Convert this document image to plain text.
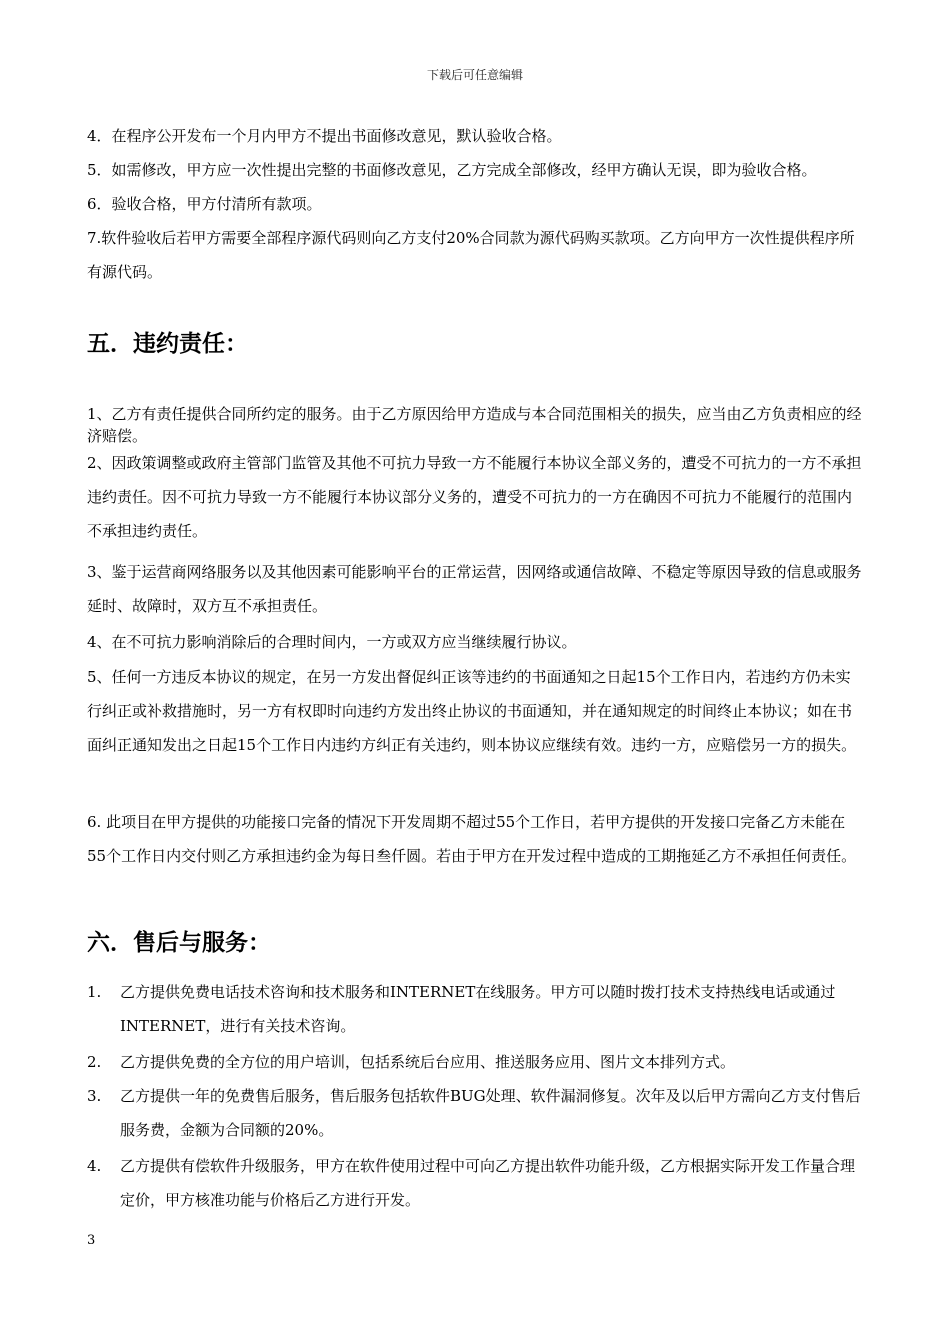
下载后可任意编辑

4．在程序公开发布一个月内甲方不提出书面修改意见，默认验收合格。

5．如需修改，甲方应一次性提出完整的书面修改意见，乙方完成全部修改，经甲方确认无误，即为验收合格。

6．验收合格，甲方付清所有款项。

7.软件验收后若甲方需要全部程序源代码则向乙方支付20%合同款为源代码购买款项。乙方向甲方一次性提供程序所有源代码。

五．违约责任：

1、乙方有责任提供合同所约定的服务。由于乙方原因给甲方造成与本合同范围相关的损失，应当由乙方负责相应的经济赔偿。

2、因政策调整或政府主管部门监管及其他不可抗力导致一方不能履行本协议全部义务的，遭受不可抗力的一方不承担违约责任。因不可抗力导致一方不能履行本协议部分义务的，遭受不可抗力的一方在确因不可抗力不能履行的范围内不承担违约责任。

3、鉴于运营商网络服务以及其他因素可能影响平台的正常运营，因网络或通信故障、不稳定等原因导致的信息或服务延时、故障时，双方互不承担责任。

4、在不可抗力影响消除后的合理时间内，一方或双方应当继续履行协议。

5、任何一方违反本协议的规定，在另一方发出督促纠正该等违约的书面通知之日起15个工作日内，若违约方仍未实行纠正或补救措施时，另一方有权即时向违约方发出终止协议的书面通知，并在通知规定的时间终止本协议；如在书面纠正通知发出之日起15个工作日内违约方纠正有关违约，则本协议应继续有效。违约一方，应赔偿另一方的损失。

6. 此项目在甲方提供的功能接口完备的情况下开发周期不超过55个工作日，若甲方提供的开发接口完备乙方未能在55个工作日内交付则乙方承担违约金为每日叁仟圆。若由于甲方在开发过程中造成的工期拖延乙方不承担任何责任。

六．售后与服务：
1. 乙方提供免费电话技术咨询和技术服务和INTERNET在线服务。甲方可以随时拨打技术支持热线电话或通过INTERNET，进行有关技术咨询。
2. 乙方提供免费的全方位的用户培训，包括系统后台应用、推送服务应用、图片文本排列方式。
3. 乙方提供一年的免费售后服务，售后服务包括软件BUG处理、软件漏洞修复。次年及以后甲方需向乙方支付售后服务费，金额为合同额的20%。
4. 乙方提供有偿软件升级服务，甲方在软件使用过程中可向乙方提出软件功能升级，乙方根据实际开发工作量合理定价，甲方核准功能与价格后乙方进行开发。
3
